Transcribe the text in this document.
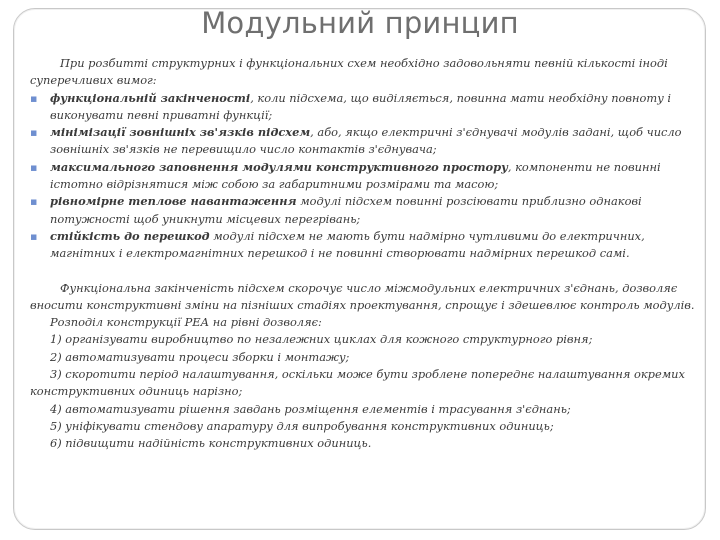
Модульний принцип

При розбитті структурних і функціональних схем необхідно задовольняти певній кількості іноді суперечливих вимог:

▪ функціональній закінченості, коли підсхема, що виділяється, повинна мати необхідну повноту і виконувати певні приватні функції;
▪ мінімізації зовнішніх зв'язків підсхем, або, якщо електричні з'єднувачі модулів задані, щоб число зовнішніх зв'язків не перевищило число контактів з'єднувача;
▪ максимального заповнення модулями конструктивного простору, компоненти не повинні істотно відрізнятися між собою за габаритними розмірами та масою;
▪ рівномірне теплове навантаження модулі підсхем повинні розсіювати приблизно однакові потужності щоб уникнути місцевих перегрівань;
▪ стійкість до перешкод модулі підсхем не мають бути надмірно чутливими до електричних, магнітних і електромагнітних перешкод і не повинні створювати надмірних перешкод самі.

Функціональна закінченість підсхем скорочує число міжмодульних електричних з'єднань, дозволяє вносити конструктивні зміни на пізніших стадіях проектування, спрощує і здешевлює контроль модулів.

Розподіл конструкції РЕА на рівні дозволяє:

1) організувати виробництво по незалежних циклах для кожного структурного рівня;

2) автоматизувати процеси зборки і монтажу;

3) скоротити період налаштування, оскільки може бути зроблене попереднє налаштування окремих конструктивних одиниць нарізно;

4) автоматизувати рішення завдань розміщення елементів і трасування з'єднань;

5) уніфікувати стендову апаратуру для випробування конструктивних одиниць;

6) підвищити надійність конструктивних одиниць.
